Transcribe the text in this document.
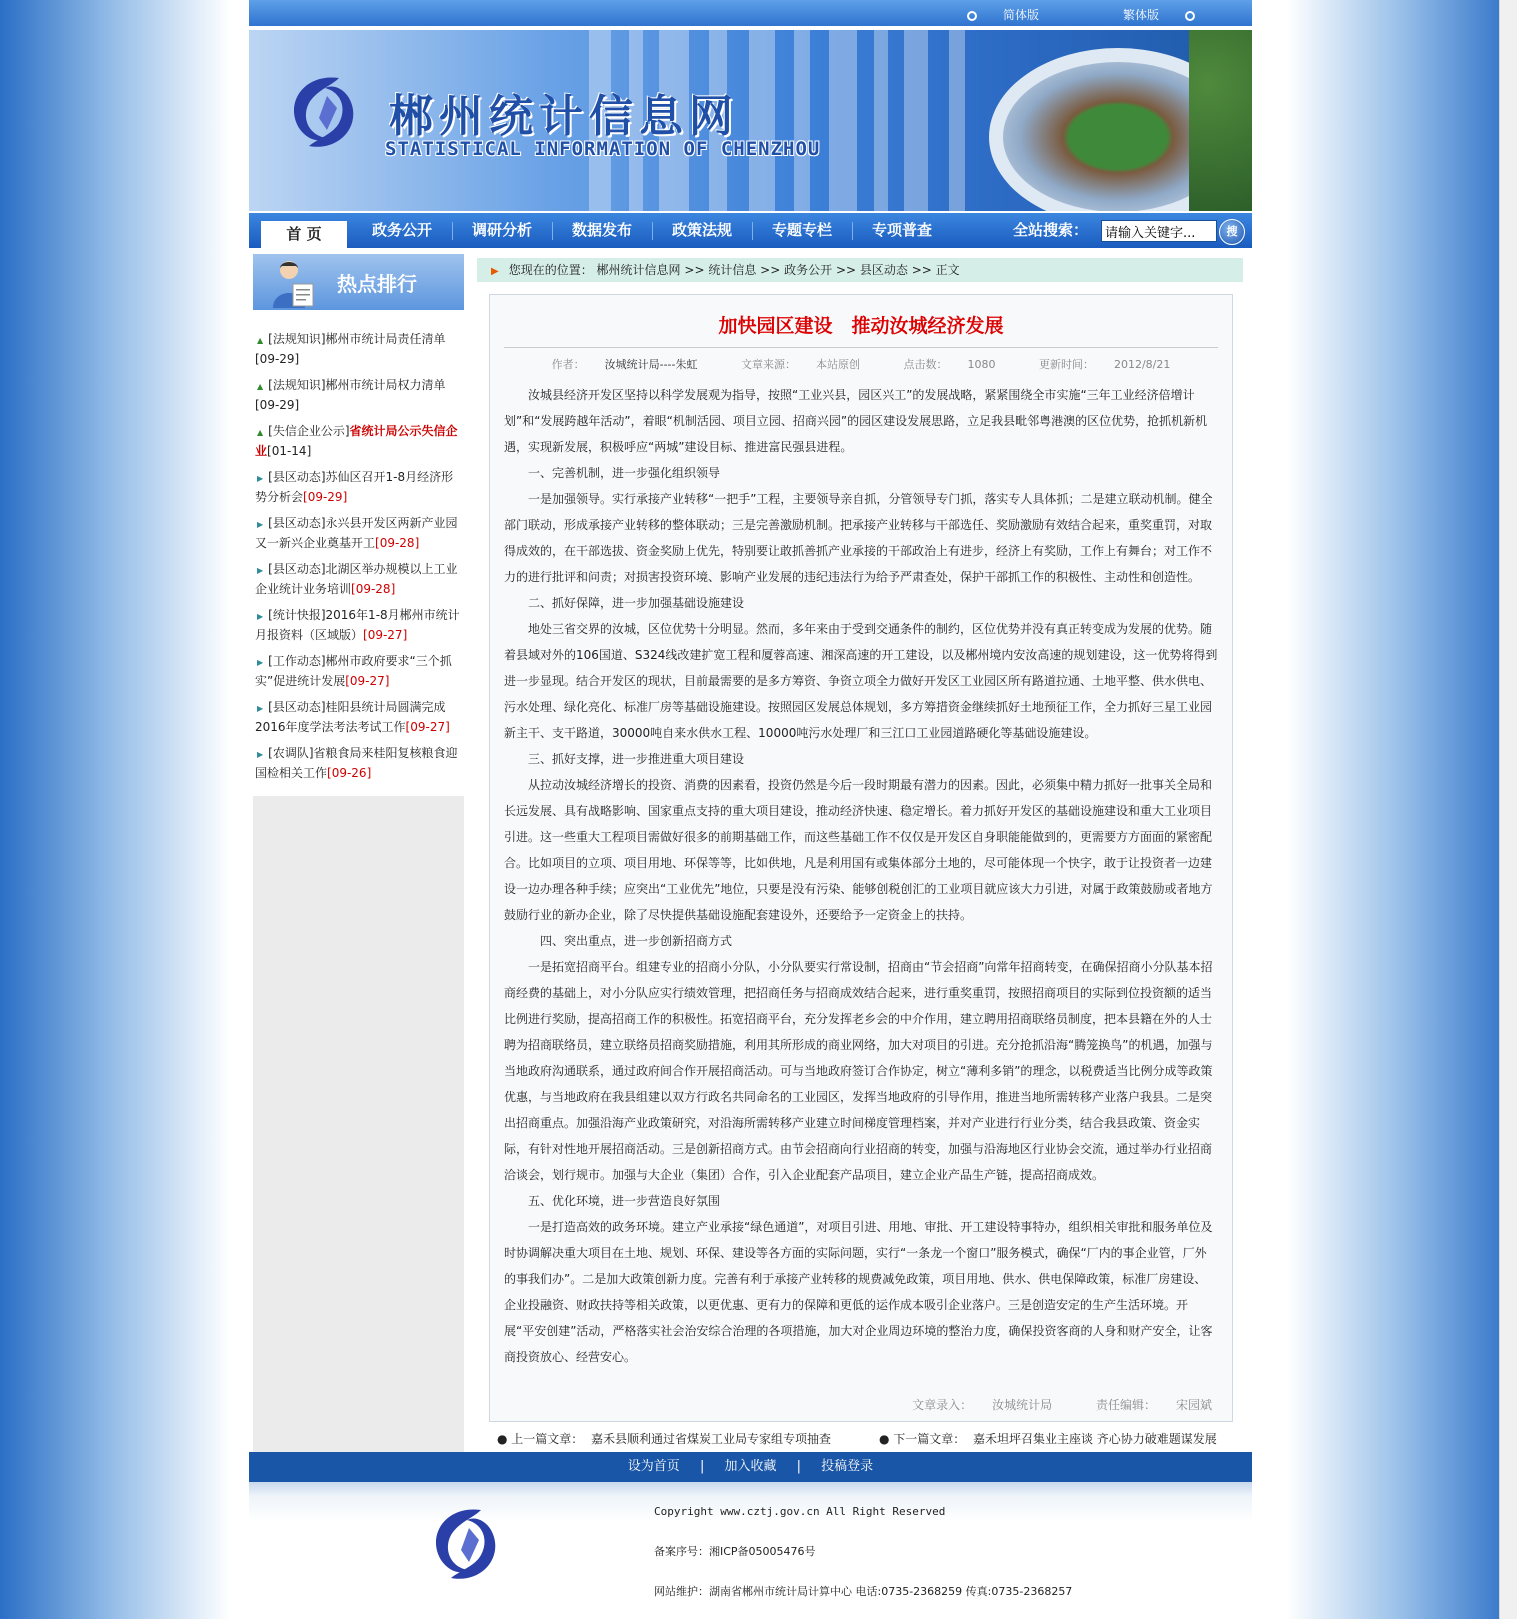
简体版	繁体版
郴州统计信息网
STATISTICAL INFORMATION OF CHENZHOU
首 页	政务公开	调研分析	数据发布	政策法规	专题专栏	专项普查	全站搜索：
请输入关键字...	搜
热点排行
▲ [法规知识]郴州市统计局责任清单
[09-29]
▲ [法规知识]郴州市统计局权力清单
[09-29]
▲ [失信企业公示]省统计局公示失信企业[01-14]
▶ [县区动态]苏仙区召开1-8月经济形势分析会[09-29]
▶ [县区动态]永兴县开发区两新产业园又一新兴企业奠基开工[09-28]
▶ [县区动态]北湖区举办规模以上工业企业统计业务培训[09-28]
▶ [统计快报]2016年1-8月郴州市统计月报资料（区域版）[09-27]
▶ [工作动态]郴州市政府要求“三个抓实”促进统计发展[09-27]
▶ [县区动态]桂阳县统计局圆满完成2016年度学法考法考试工作[09-27]
▶ [农调队]省粮食局来桂阳复核粮食迎国检相关工作[09-26]
▶ 您现在的位置： 郴州统计信息网 >> 统计信息 >> 政务公开 >> 县区动态 >> 正文
加快园区建设　推动汝城经济发展
作者： 汝城统计局----朱虹	文章来源： 本站原创	点击数： 1080	更新时间： 2012/8/21

汝城县经济开发区坚持以科学发展观为指导，按照“工业兴县，园区兴工”的发展战略，紧紧围绕全市实施“三年工业经济倍增计划”和“发展跨越年活动”，着眼“机制活园、项目立园、招商兴园”的园区建设发展思路，立足我县毗邻粤港澳的区位优势，抢抓机新机遇，实现新发展，积极呼应“两城”建设目标、推进富民强县进程。

一、完善机制，进一步强化组织领导

一是加强领导。实行承接产业转移“一把手”工程，主要领导亲自抓，分管领导专门抓，落实专人具体抓；二是建立联动机制。健全部门联动，形成承接产业转移的整体联动；三是完善激励机制。把承接产业转移与干部选任、奖励激励有效结合起来，重奖重罚，对取得成效的，在干部选拔、资金奖励上优先，特别要让敢抓善抓产业承接的干部政治上有进步，经济上有奖励，工作上有舞台；对工作不力的进行批评和问责；对损害投资环境、影响产业发展的违纪违法行为给予严肃查处，保护干部抓工作的积极性、主动性和创造性。

二、抓好保障，进一步加强基础设施建设

地处三省交界的汝城，区位优势十分明显。然而，多年来由于受到交通条件的制约，区位优势并没有真正转变成为发展的优势。随着县域对外的106国道、S324线改建扩宽工程和厦蓉高速、湘深高速的开工建设，以及郴州境内安汝高速的规划建设，这一优势将得到进一步显现。结合开发区的现状，目前最需要的是多方筹资、争资立项全力做好开发区工业园区所有路道拉通、土地平整、供水供电、污水处理、绿化亮化、标准厂房等基础设施建设。按照园区发展总体规划，多方筹措资金继续抓好土地预征工作，全力抓好三星工业园新主干、支干路道，30000吨自来水供水工程、10000吨污水处理厂和三江口工业园道路硬化等基础设施建设。

三、抓好支撑，进一步推进重大项目建设

从拉动汝城经济增长的投资、消费的因素看，投资仍然是今后一段时期最有潜力的因素。因此，必须集中精力抓好一批事关全局和长远发展、具有战略影响、国家重点支持的重大项目建设，推动经济快速、稳定增长。着力抓好开发区的基础设施建设和重大工业项目引进。这一些重大工程项目需做好很多的前期基础工作，而这些基础工作不仅仅是开发区自身职能能做到的，更需要方方面面的紧密配合。比如项目的立项、项目用地、环保等等，比如供地，凡是利用国有或集体部分土地的，尽可能体现一个快字，敢于让投资者一边建设一边办理各种手续；应突出“工业优先”地位，只要是没有污染、能够创税创汇的工业项目就应该大力引进，对属于政策鼓励或者地方鼓励行业的新办企业，除了尽快提供基础设施配套建设外，还要给予一定资金上的扶持。

　四、突出重点，进一步创新招商方式

一是拓宽招商平台。组建专业的招商小分队，小分队要实行常设制，招商由“节会招商”向常年招商转变，在确保招商小分队基本招商经费的基础上，对小分队应实行绩效管理，把招商任务与招商成效结合起来，进行重奖重罚，按照招商项目的实际到位投资额的适当比例进行奖励，提高招商工作的积极性。拓宽招商平台，充分发挥老乡会的中介作用，建立聘用招商联络员制度，把本县籍在外的人士聘为招商联络员，建立联络员招商奖励措施，利用其所形成的商业网络，加大对项目的引进。充分抢抓沿海“腾笼换鸟”的机遇，加强与当地政府沟通联系，通过政府间合作开展招商活动。可与当地政府签订合作协定，树立“薄利多销”的理念，以税费适当比例分成等政策优惠，与当地政府在我县组建以双方行政名共同命名的工业园区，发挥当地政府的引导作用，推进当地所需转移产业落户我县。二是突出招商重点。加强沿海产业政策研究，对沿海所需转移产业建立时间梯度管理档案，并对产业进行行业分类，结合我县政策、资金实际，有针对性地开展招商活动。三是创新招商方式。由节会招商向行业招商的转变，加强与沿海地区行业协会交流，通过举办行业招商洽谈会，划行规市。加强与大企业（集团）合作，引入企业配套产品项目，建立企业产品生产链，提高招商成效。

五、优化环境，进一步营造良好氛围

一是打造高效的政务环境。建立产业承接“绿色通道”，对项目引进、用地、审批、开工建设特事特办，组织相关审批和服务单位及时协调解决重大项目在土地、规划、环保、建设等各方面的实际问题，实行“一条龙一个窗口”服务模式，确保“厂内的事企业管，厂外的事我们办”。二是加大政策创新力度。完善有利于承接产业转移的规费减免政策，项目用地、供水、供电保障政策，标准厂房建设、企业投融资、财政扶持等相关政策，以更优惠、更有力的保障和更低的运作成本吸引企业落户。三是创造安定的生产生活环境。开展“平安创建”活动，严格落实社会治安综合治理的各项措施，加大对企业周边环境的整治力度，确保投资客商的人身和财产安全，让客商投资放心、经营安心。

文章录入： 汝城统计局	责任编辑： 宋园斌
● 上一篇文章： 嘉禾县顺利通过省煤炭工业局专家组专项抽查	● 下一篇文章： 嘉禾坦坪召集业主座谈 齐心协力破难题谋发展
设为首页 | 加入收藏 | 投稿登录
Copyright www.cztj.gov.cn All Right Reserved
备案序号：湘ICP备05005476号
网站维护：湖南省郴州市统计局计算中心 电话:0735-2368259 传真:0735-2368257
